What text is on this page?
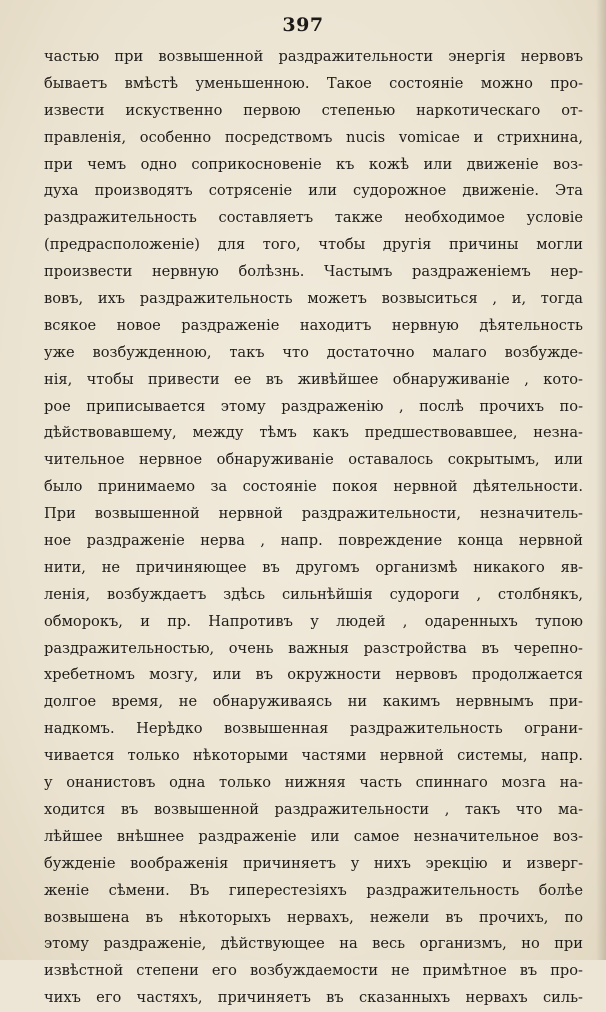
397
частью при возвышенной раздражительности энергія нервовъ
бываетъ вмѣстѣ уменьшенною. Такое состояніе можно про-
извести искуственно первою степенью наркотическаго от-
правленія, особенно посредствомъ nucis vomicae и стрихнина,
при чемъ одно соприкосновеніе къ кожѣ или движеніе воз-
духа производятъ сотрясеніе или судорожное движеніе. Эта
раздражительность составляетъ также необходимое условіе
(предрасположеніе) для того, чтобы другія причины могли
произвести нервную болѣзнь. Частымъ раздраженіемъ нер-
вовъ, ихъ раздражительность можетъ возвыситься , и, тогда
всякое новое раздраженіе находитъ нервную дѣятельность
уже возбужденною, такъ что достаточно малаго возбужде-
нія, чтобы привести ее въ живѣйшее обнаруживаніе , кото-
рое приписывается этому раздраженію , послѣ прочихъ по-
дѣйствовавшему, между тѣмъ какъ предшествовавшее, незна-
чительное нервное обнаруживаніе оставалось сокрытымъ, или
было принимаемо за состояніе покоя нервной дѣятельности.
При возвышенной нервной раздражительности, незначитель-
ное раздраженіе нерва , напр. повреждение конца нервной
нити, не причиняющее въ другомъ организмѣ никакого яв-
ленія, возбуждаетъ здѣсь сильнѣйшія судороги , столбнякъ,
обморокъ, и пр. Напротивъ у людей , одаренныхъ тупою
раздражительностью, очень важныя разстройства въ черепно-
хребетномъ мозгу, или въ окружности нервовъ продолжается
долгое время, не обнаруживаясь ни какимъ нервнымъ при-
надкомъ. Нерѣдко возвышенная раздражительность ограни-
чивается только нѣкоторыми частями нервной системы, напр.
у онанистовъ одна только нижняя часть спиннаго мозга на-
ходится въ возвышенной раздражительности , такъ что ма-
лѣйшее внѣшнее раздраженіе или самое незначительное воз-
бужденіе воображенія причиняетъ у нихъ эрекцію и изверг-
женіе сѣмени. Въ гиперестезіяхъ раздражительность болѣе
возвышена въ нѣкоторыхъ нервахъ, нежели въ прочихъ, по
этому раздраженіе, дѣйствующее на весь организмъ, но при
извѣстной степени его возбуждаемости не примѣтное въ про-
чихъ его частяхъ, причиняетъ въ сказанныхъ нервахъ силь-
